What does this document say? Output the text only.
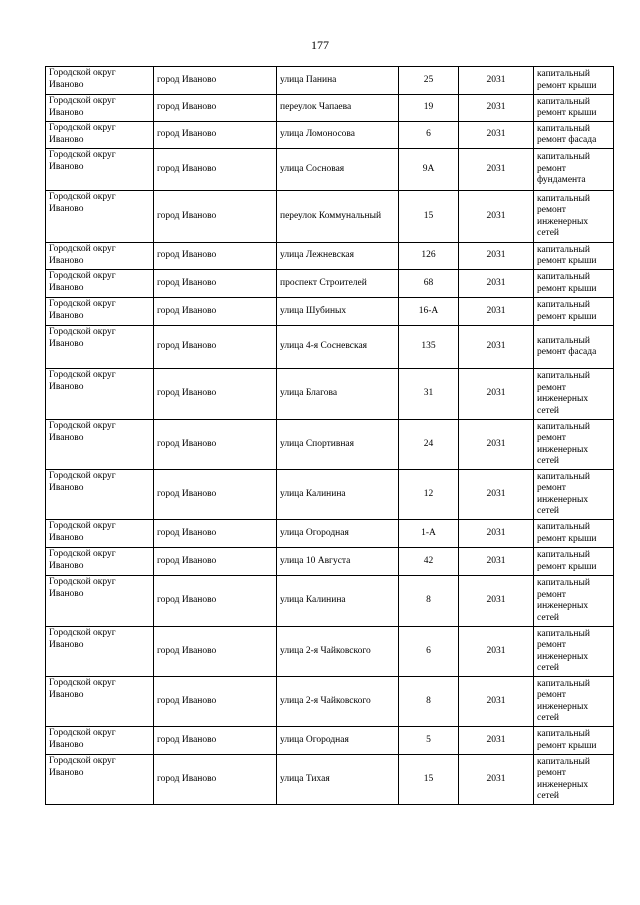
177
Городской округ Иваново	город Иваново	улица Панина	25	2031	капитальный ремонт крыши
Городской округ Иваново	город Иваново	переулок Чапаева	19	2031	капитальный ремонт крыши
Городской округ Иваново	город Иваново	улица Ломоносова	6	2031	капитальный ремонт фасада
Городской округ Иваново	город Иваново	улица Сосновая	9А	2031	капитальный ремонт фундамента
Городской округ Иваново	город Иваново	переулок Коммунальный	15	2031	капитальный ремонт инженерных сетей
Городской округ Иваново	город Иваново	улица Лежневская	126	2031	капитальный ремонт крыши
Городской округ Иваново	город Иваново	проспект Строителей	68	2031	капитальный ремонт крыши
Городской округ Иваново	город Иваново	улица Шубиных	16-А	2031	капитальный ремонт крыши
Городской округ Иваново	город Иваново	улица 4-я Сосневская	135	2031	капитальный ремонт фасада
Городской округ Иваново	город Иваново	улица Благова	31	2031	капитальный ремонт инженерных сетей
Городской округ Иваново	город Иваново	улица Спортивная	24	2031	капитальный ремонт инженерных сетей
Городской округ Иваново	город Иваново	улица Калинина	12	2031	капитальный ремонт инженерных сетей
Городской округ Иваново	город Иваново	улица Огородная	1-А	2031	капитальный ремонт крыши
Городской округ Иваново	город Иваново	улица 10 Августа	42	2031	капитальный ремонт крыши
Городской округ Иваново	город Иваново	улица Калинина	8	2031	капитальный ремонт инженерных сетей
Городской округ Иваново	город Иваново	улица 2-я Чайковского	6	2031	капитальный ремонт инженерных сетей
Городской округ Иваново	город Иваново	улица 2-я Чайковского	8	2031	капитальный ремонт инженерных сетей
Городской округ Иваново	город Иваново	улица Огородная	5	2031	капитальный ремонт крыши
Городской округ Иваново	город Иваново	улица Тихая	15	2031	капитальный ремонт инженерных сетей
